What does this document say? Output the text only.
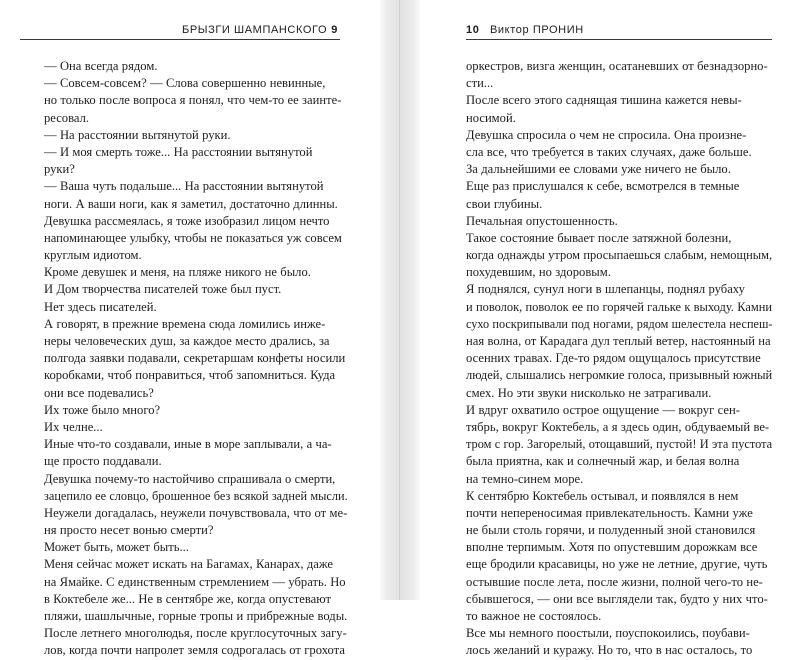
БРЫЗГИ ШАМПАНСКОГО 9
— Она всегда рядом.
— Совсем-совсем? — Слова совершенно невинные,
но только после вопроса я понял, что чем-то ее заинте-
ресовал.
— На расстоянии вытянутой руки.
— И моя смерть тоже... На расстоянии вытянутой
руки?
— Ваша чуть подальше... На расстоянии вытянутой
ноги. А ваши ноги, как я заметил, достаточно длинны.
Девушка рассмеялась, я тоже изобразил лицом нечто
напоминающее улыбку, чтобы не показаться уж совсем
круглым идиотом.
Кроме девушек и меня, на пляже никого не было.
И Дом творчества писателей тоже был пуст.
Нет здесь писателей.
А говорят, в прежние времена сюда ломились инже-
неры человеческих душ, за каждое место дрались, за
полгода заявки подавали, секретаршам конфеты носили
коробками, чтоб понравиться, чтоб запомниться. Куда
они все подевались?
Их тоже было много?
Их челне...
Иные что-то создавали, иные в море заплывали, а ча-
ще просто поддавали.
Девушка почему-то настойчиво спрашивала о смерти,
зацепило ее словцо, брошенное без всякой задней мысли.
Неужели догадалась, неужели почувствовала, что от ме-
ня просто несет вонью смерти?
Может быть, может быть...
Меня сейчас может искать на Багамах, Канарах, даже
на Ямайке. С единственным стремлением — убрать. Но
в Коктебеле же... Не в сентябре же, когда опустевают
пляжи, шашлычные, горные тропы и прибрежные воды.
После летнего многолюдья, после круглосуточных загу-
лов, когда почти напролет земля содрогалась от грохота
10 Виктор ПРОНИН
оркестров, визга женщин, осатаневших от безнадзорно-
сти...
После всего этого саднящая тишина кажется невы-
носимой.
Девушка спросила о чем не спросила. Она произне-
сла все, что требуется в таких случаях, даже больше.
За дальнейшими ее словами уже ничего не было.
Еще раз прислушался к себе, всмотрелся в темные
свои глубины.
Печальная опустошенность.
Такое состояние бывает после затяжной болезни,
когда однажды утром просыпаешься слабым, немощным,
похудевшим, но здоровым.
Я поднялся, сунул ноги в шлепанцы, поднял рубаху
и поволок, поволок ее по горячей гальке к выходу. Камни
сухо поскрипывали под ногами, рядом шелестела неспеш-
ная волна, от Карадага дул теплый ветер, настоянный на
осенних травах. Где-то рядом ощущалось присутствие
людей, слышались негромкие голоса, призывный южный
смех. Но эти звуки нисколько не затрагивали.
И вдруг охватило острое ощущение — вокруг сен-
тябрь, вокруг Коктебель, а я здесь один, обдуваемый ве-
тром с гор. Загорелый, отощавший, пустой! И эта пустота
была приятна, как и солнечный жар, и белая волна
на темно-синем море.
К сентябрю Коктебель остывал, и появлялся в нем
почти непереносимая привлекательность. Камни уже
не были столь горячи, и полуденный зной становился
вполне терпимым. Хотя по опустевшим дорожкам все
еще бродили красавицы, но уже не летние, другие, чуть
остывшие после лета, после жизни, полной чего-то не-
сбывшегося, — они все выглядели так, будто у них что-
то важное не состоялось.
Все мы немного поостыли, поуспокоились, поубави-
лось желаний и куражу. Но то, что в нас осталось, то
